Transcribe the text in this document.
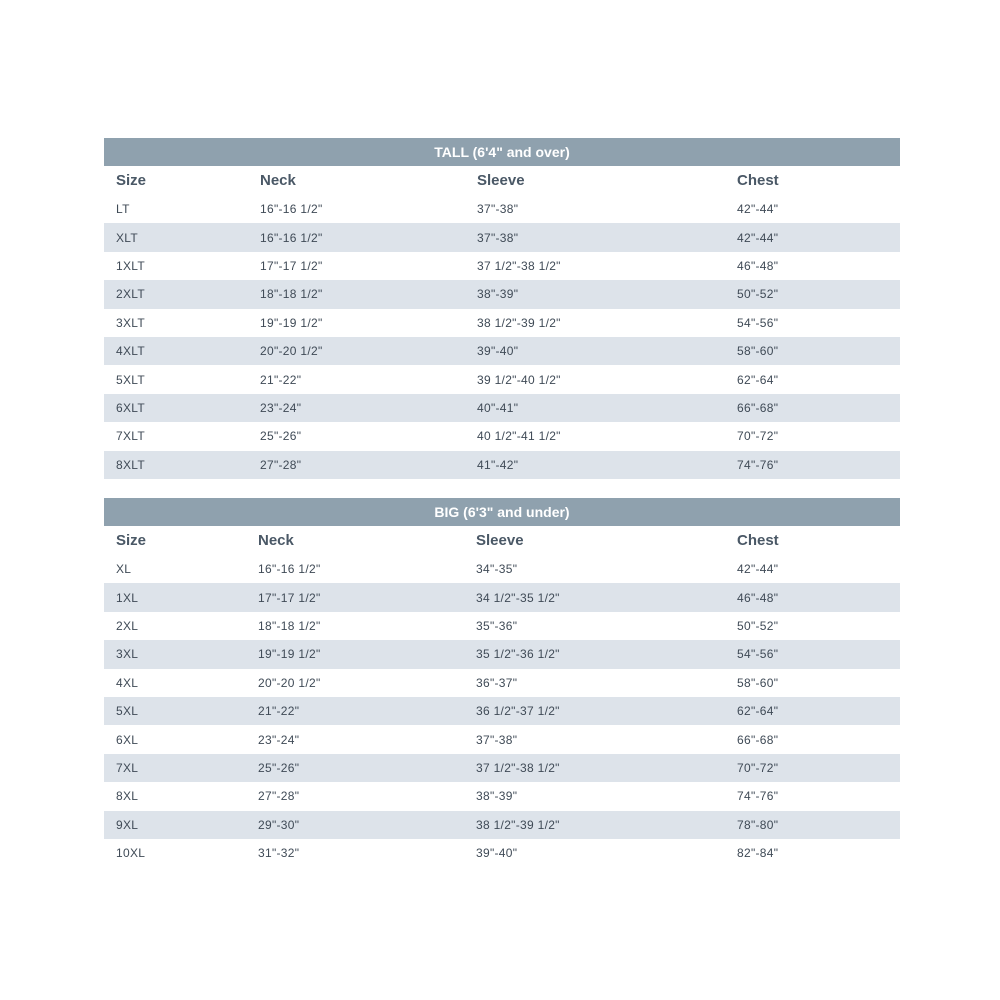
TALL (6'4" and over)
Size	Neck	Sleeve	Chest
LT	16"-16 1/2"	37"-38"	42"-44"
XLT	16"-16 1/2"	37"-38"	42"-44"
1XLT	17"-17 1/2"	37 1/2"-38 1/2"	46"-48"
2XLT	18"-18 1/2"	38"-39"	50"-52"
3XLT	19"-19 1/2"	38 1/2"-39 1/2"	54"-56"
4XLT	20"-20 1/2"	39"-40"	58"-60"
5XLT	21"-22"	39 1/2"-40 1/2"	62"-64"
6XLT	23"-24"	40"-41"	66"-68"
7XLT	25"-26"	40 1/2"-41 1/2"	70"-72"
8XLT	27"-28"	41"-42"	74"-76"
BIG (6'3" and under)
Size	Neck	Sleeve	Chest
XL	16"-16 1/2"	34"-35"	42"-44"
1XL	17"-17 1/2"	34 1/2"-35 1/2"	46"-48"
2XL	18"-18 1/2"	35"-36"	50"-52"
3XL	19"-19 1/2"	35 1/2"-36 1/2"	54"-56"
4XL	20"-20 1/2"	36"-37"	58"-60"
5XL	21"-22"	36 1/2"-37 1/2"	62"-64"
6XL	23"-24"	37"-38"	66"-68"
7XL	25"-26"	37 1/2"-38 1/2"	70"-72"
8XL	27"-28"	38"-39"	74"-76"
9XL	29"-30"	38 1/2"-39 1/2"	78"-80"
10XL	31"-32"	39"-40"	82"-84"
